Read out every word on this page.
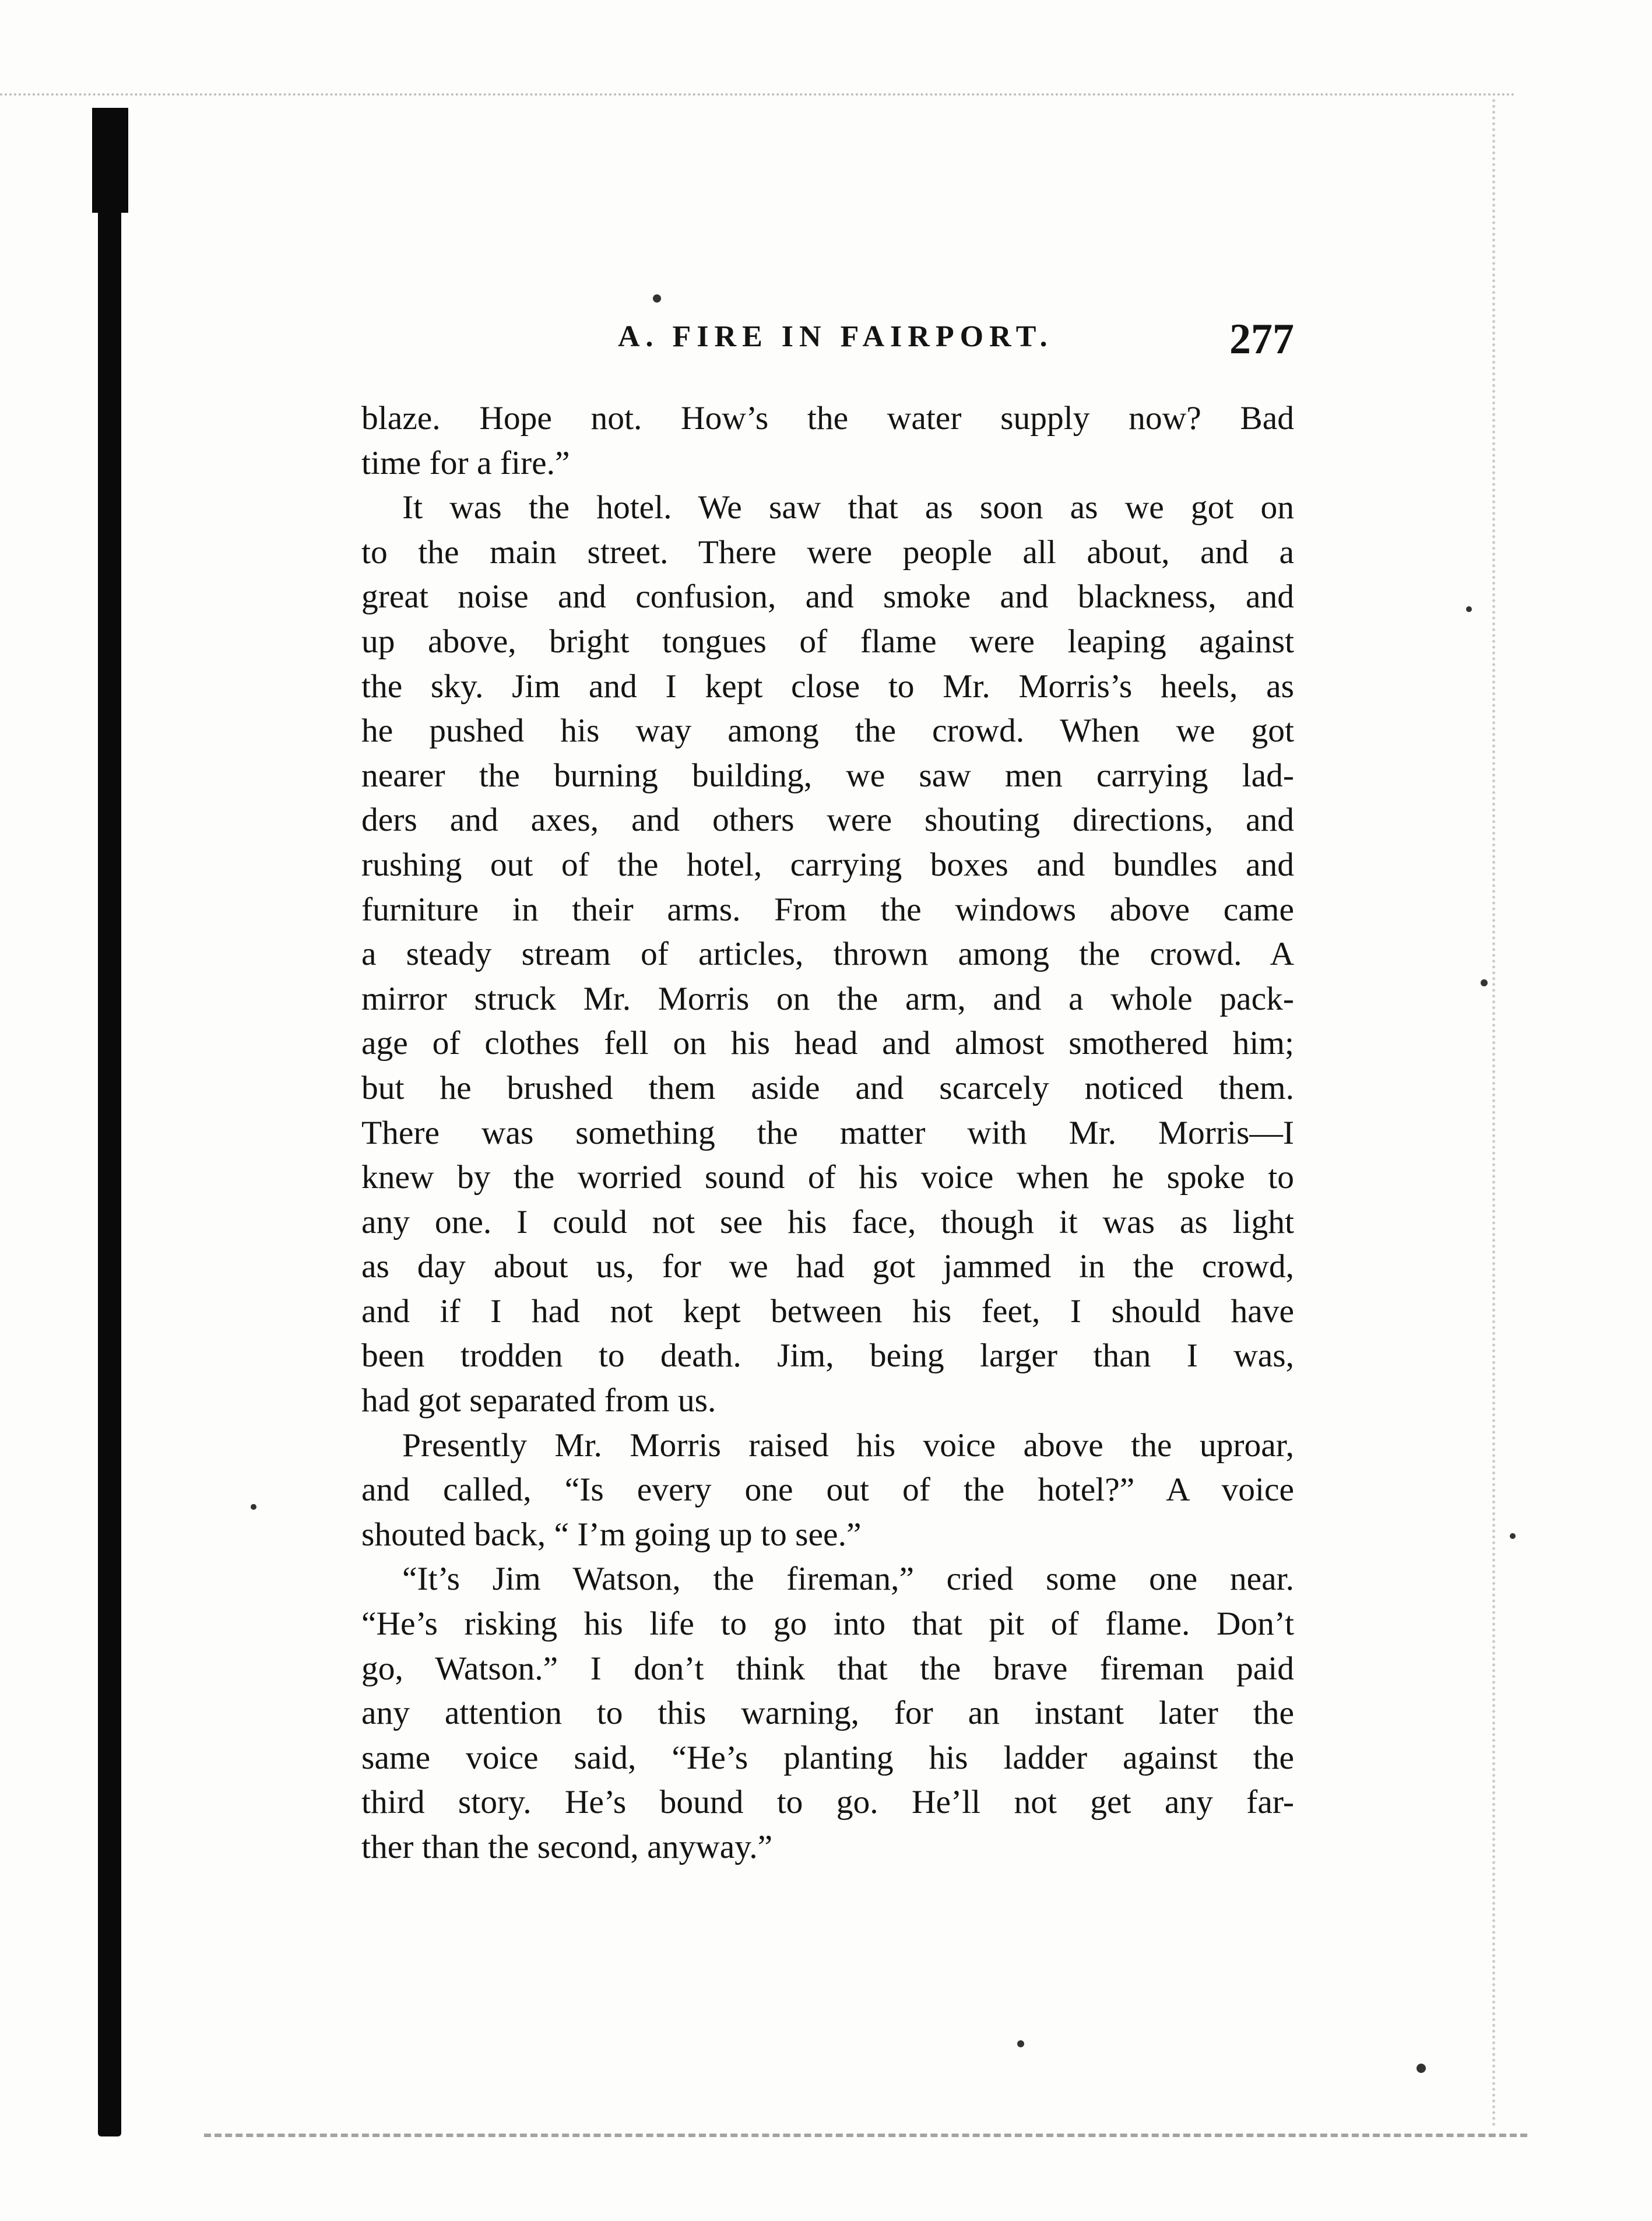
A. FIRE IN FAIRPORT.	277

blaze. Hope not. How’s the water supply now? Bad
time for a fire.”

It was the hotel. We saw that as soon as we got on
to the main street. There were people all about, and a
great noise and confusion, and smoke and blackness, and
up above, bright tongues of flame were leaping against
the sky. Jim and I kept close to Mr. Morris’s heels, as
he pushed his way among the crowd. When we got
nearer the burning building, we saw men carrying lad-
ders and axes, and others were shouting directions, and
rushing out of the hotel, carrying boxes and bundles and
furniture in their arms. From the windows above came
a steady stream of articles, thrown among the crowd. A
mirror struck Mr. Morris on the arm, and a whole pack-
age of clothes fell on his head and almost smothered him;
but he brushed them aside and scarcely noticed them.
There was something the matter with Mr. Morris—I
knew by the worried sound of his voice when he spoke to
any one. I could not see his face, though it was as light
as day about us, for we had got jammed in the crowd,
and if I had not kept between his feet, I should have
been trodden to death. Jim, being larger than I was,
had got separated from us.

Presently Mr. Morris raised his voice above the uproar,
and called, “Is every one out of the hotel?” A voice
shouted back, “ I’m going up to see.”

“It’s Jim Watson, the fireman,” cried some one near.
“He’s risking his life to go into that pit of flame. Don’t
go, Watson.” I don’t think that the brave fireman paid
any attention to this warning, for an instant later the
same voice said, “He’s planting his ladder against the
third story. He’s bound to go. He’ll not get any far-
ther than the second, anyway.”
